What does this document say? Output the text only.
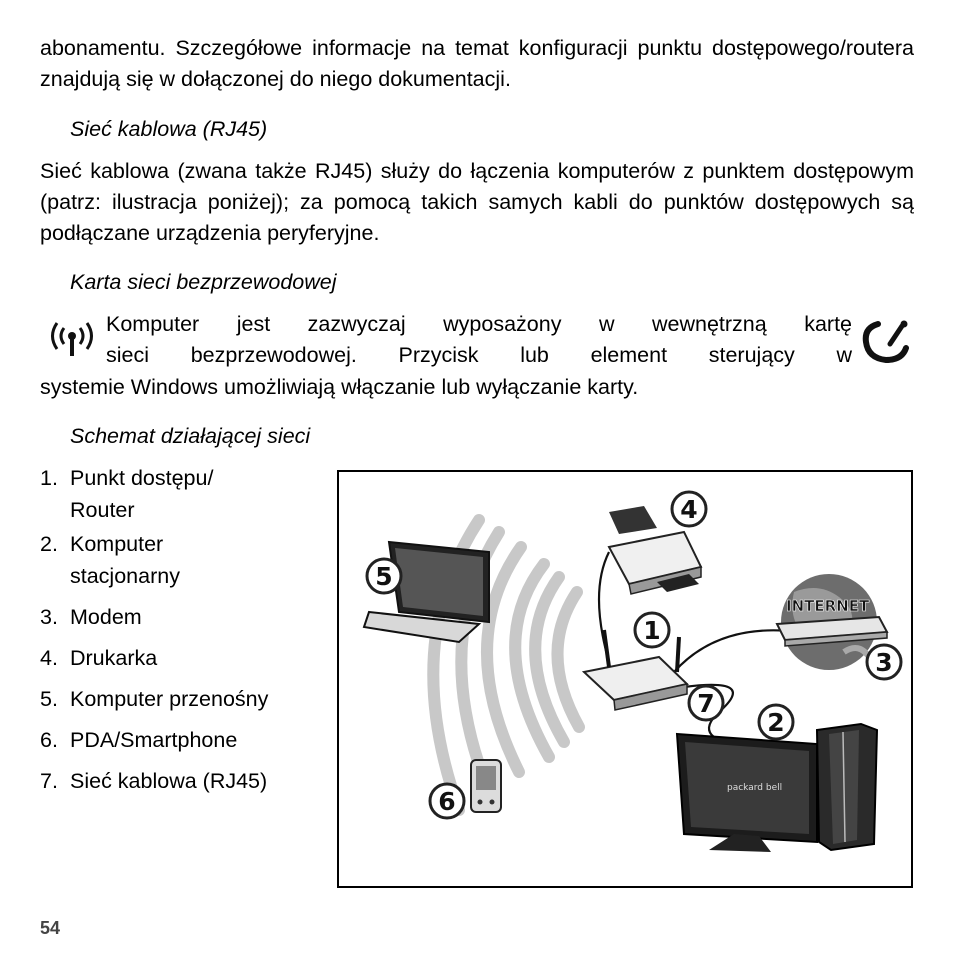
abonamentu. Szczegółowe informacje na temat konfiguracji punktu dostępowego/routera znajdują się w dołączonej do niego dokumentacji.

Sieć kablowa (RJ45)

Sieć kablowa (zwana także RJ45) służy do łączenia komputerów z punktem dostępowym (patrz: ilustracja poniżej); za pomocą takich samych kabli do punktów dostępowych są podłączane urządzenia peryferyjne.

Karta sieci bezprzewodowej

Komputer jest zazwyczaj wyposażony w wewnętrzną kartę

sieci bezprzewodowej. Przycisk lub element sterujący w

systemie Windows umożliwiają włączanie lub wyłączanie karty.

Schemat działającej sieci

1. Punkt dostępu/
Router
2. Komputer
stacjonarny
3. Modem
4. Drukarka
5. Komputer przenośny
6. PDA/Smartphone
7. Sieć kablowa (RJ45)
INTERNET
packard bell
1
2
3
4
5
6
7
54
